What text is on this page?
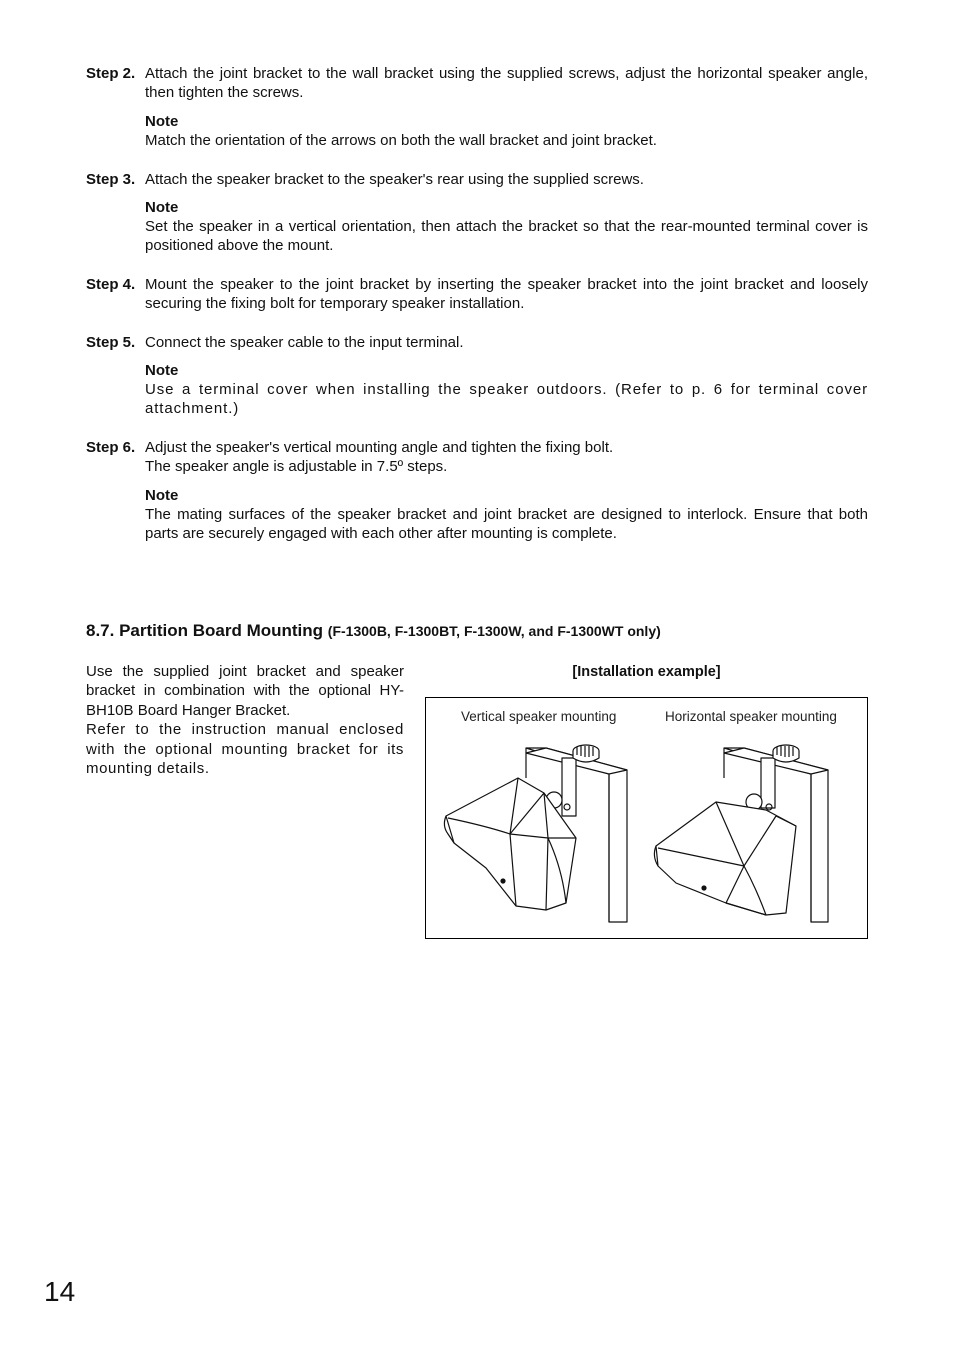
Step 2. Attach the joint bracket to the wall bracket using the supplied screws, adjust the horizontal speaker angle, then tighten the screws.
Note
Match the orientation of the arrows on both the wall bracket and joint bracket.
Step 3. Attach the speaker bracket to the speaker's rear using the supplied screws.
Note
Set the speaker in a vertical orientation, then attach the bracket so that the rear-mounted terminal cover is positioned above the mount.
Step 4. Mount the speaker to the joint bracket by inserting the speaker bracket into the joint bracket and loosely securing the fixing bolt for temporary speaker installation.
Step 5. Connect the speaker cable to the input terminal.
Note
Use a terminal cover when installing the speaker outdoors. (Refer to p. 6 for terminal cover attachment.)
Step 6. Adjust the speaker's vertical mounting angle and tighten the fixing bolt.
The speaker angle is adjustable in 7.5º steps.
Note
The mating surfaces of the speaker bracket and joint bracket are designed to interlock. Ensure that both parts are securely engaged with each other after mounting is complete.
8.7. Partition Board Mounting (F-1300B, F-1300BT, F-1300W, and F-1300WT only)
Use the supplied joint bracket and speaker bracket in combination with the optional HY-BH10B Board Hanger Bracket.
Refer to the instruction manual enclosed with the optional mounting bracket for its mounting details.
[Installation example]
Vertical speaker mounting	Horizontal speaker mounting
14
